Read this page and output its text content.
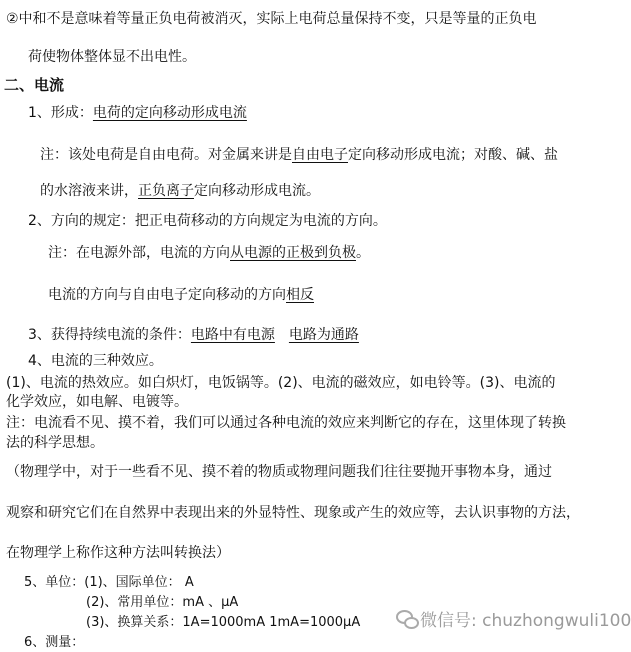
②中和不是意味着等量正负电荷被消灭，实际上电荷总量保持不变，只是等量的正负电
荷使物体整体显不出电性。
二、电流
1、形成：电荷的定向移动形成电流
注：该处电荷是自由电荷。对金属来讲是自由电子定向移动形成电流；对酸、碱、盐
的水溶液来讲，正负离子定向移动形成电流。
2、方向的规定：把正电荷移动的方向规定为电流的方向。
注：在电源外部，电流的方向从电源的正极到负极。
电流的方向与自由电子定向移动的方向相反
3、获得持续电流的条件：电路中有电源 电路为通路
4、电流的三种效应。
(1)、电流的热效应。如白炽灯，电饭锅等。(2)、电流的磁效应，如电铃等。(3)、电流的
化学效应，如电解、电镀等。
注：电流看不见、摸不着，我们可以通过各种电流的效应来判断它的存在，这里体现了转换
法的科学思想。
（物理学中，对于一些看不见、摸不着的物质或物理问题我们往往要抛开事物本身，通过
观察和研究它们在自然界中表现出来的外显特性、现象或产生的效应等，去认识事物的方法，
在物理学上称作这种方法叫转换法）
5、单位：(1)、国际单位： A
(2)、常用单位：mA 、μA
(3)、换算关系：1A=1000mA 1mA=1000μA
6、测量：
微信号: chuzhongwuli100
